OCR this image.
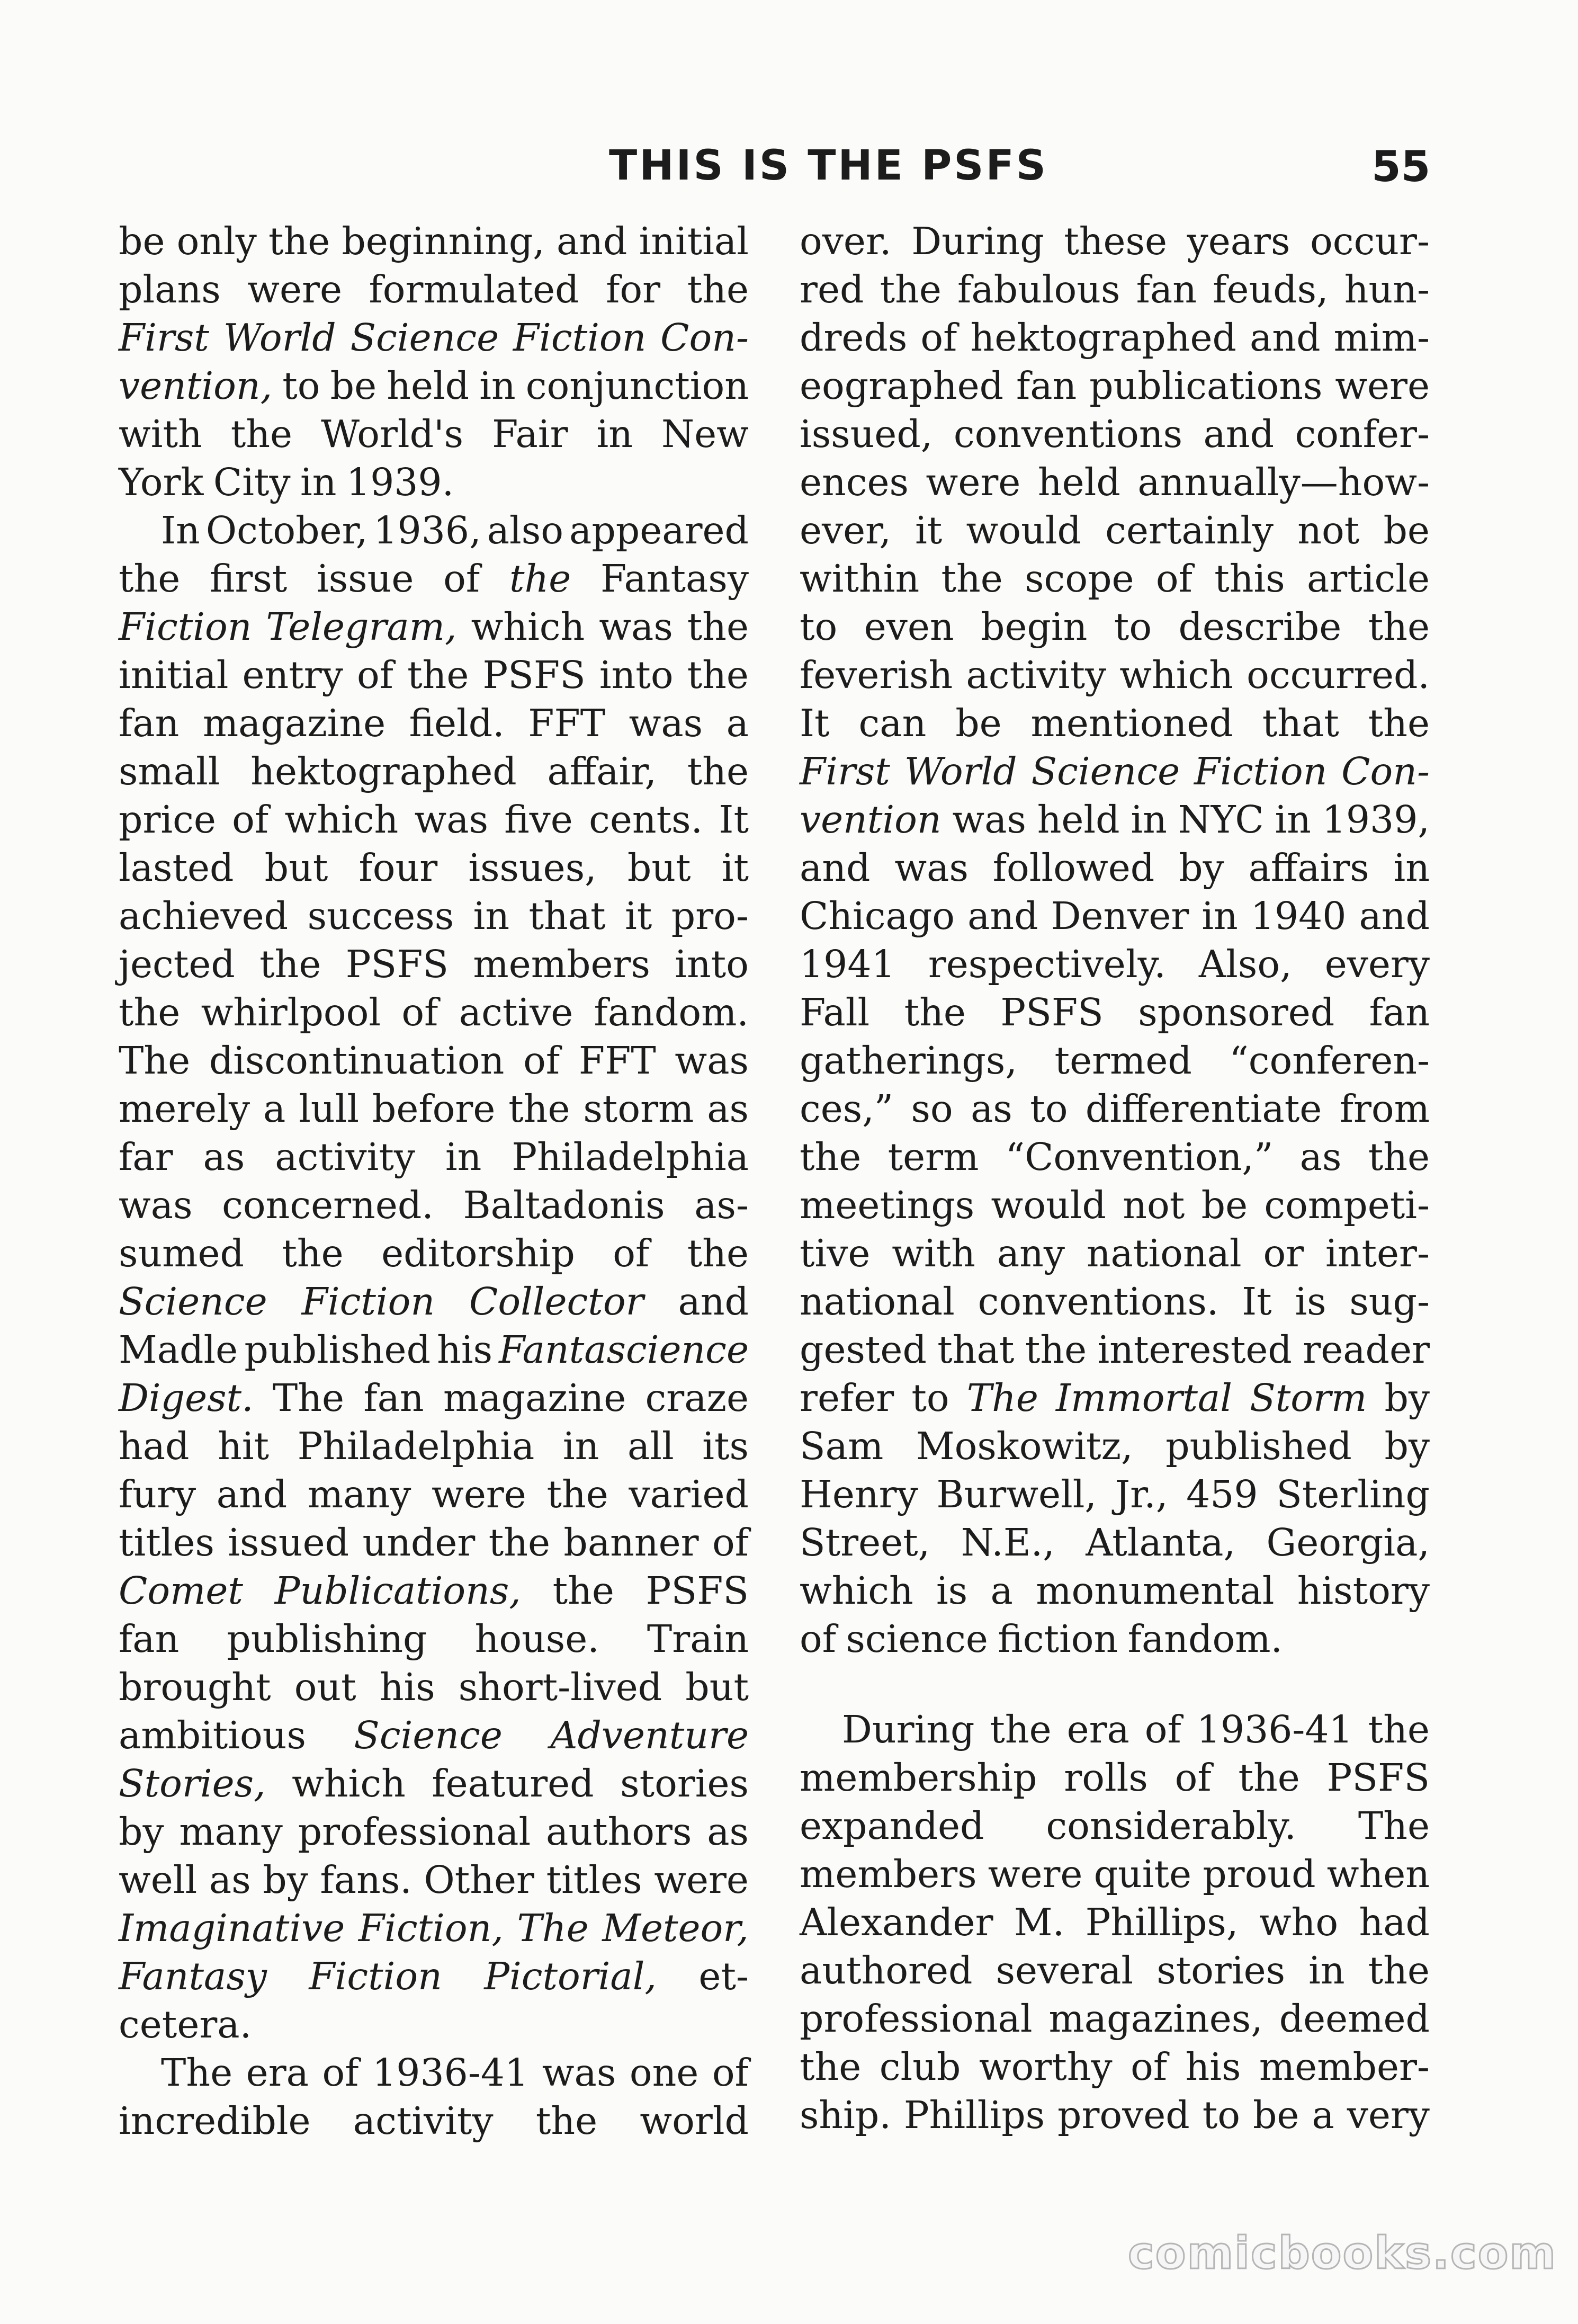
THIS IS THE PSFS	55
be only the beginning, and initial
plans were formulated for the
First World Science Fiction Con-
vention, to be held in conjunction
with the World's Fair in New
York City in 1939.
In October, 1936, also appeared
the first issue of the Fantasy
Fiction Telegram, which was the
initial entry of the PSFS into the
fan magazine field. FFT was a
small hektographed affair, the
price of which was five cents. It
lasted but four issues, but it
achieved success in that it pro-
jected the PSFS members into
the whirlpool of active fandom.
The discontinuation of FFT was
merely a lull before the storm as
far as activity in Philadelphia
was concerned. Baltadonis as-
sumed the editorship of the
Science Fiction Collector and
Madle published his Fantascience
Digest. The fan magazine craze
had hit Philadelphia in all its
fury and many were the varied
titles issued under the banner of
Comet Publications, the PSFS
fan publishing house. Train
brought out his short-lived but
ambitious Science Adventure
Stories, which featured stories
by many professional authors as
well as by fans. Other titles were
Imaginative Fiction, The Meteor,
Fantasy Fiction Pictorial, et-
cetera.
The era of 1936-41 was one of
incredible activity the world
over. During these years occur-
red the fabulous fan feuds, hun-
dreds of hektographed and mim-
eographed fan publications were
issued, conventions and confer-
ences were held annually—how-
ever, it would certainly not be
within the scope of this article
to even begin to describe the
feverish activity which occurred.
It can be mentioned that the
First World Science Fiction Con-
vention was held in NYC in 1939,
and was followed by affairs in
Chicago and Denver in 1940 and
1941 respectively. Also, every
Fall the PSFS sponsored fan
gatherings, termed “conferen-
ces,” so as to differentiate from
the term “Convention,” as the
meetings would not be competi-
tive with any national or inter-
national conventions. It is sug-
gested that the interested reader
refer to The Immortal Storm by
Sam Moskowitz, published by
Henry Burwell, Jr., 459 Sterling
Street, N.E., Atlanta, Georgia,
which is a monumental history
of science fiction fandom.
During the era of 1936-41 the
membership rolls of the PSFS
expanded considerably. The
members were quite proud when
Alexander M. Phillips, who had
authored several stories in the
professional magazines, deemed
the club worthy of his member-
ship. Phillips proved to be a very
comicbooks.com
